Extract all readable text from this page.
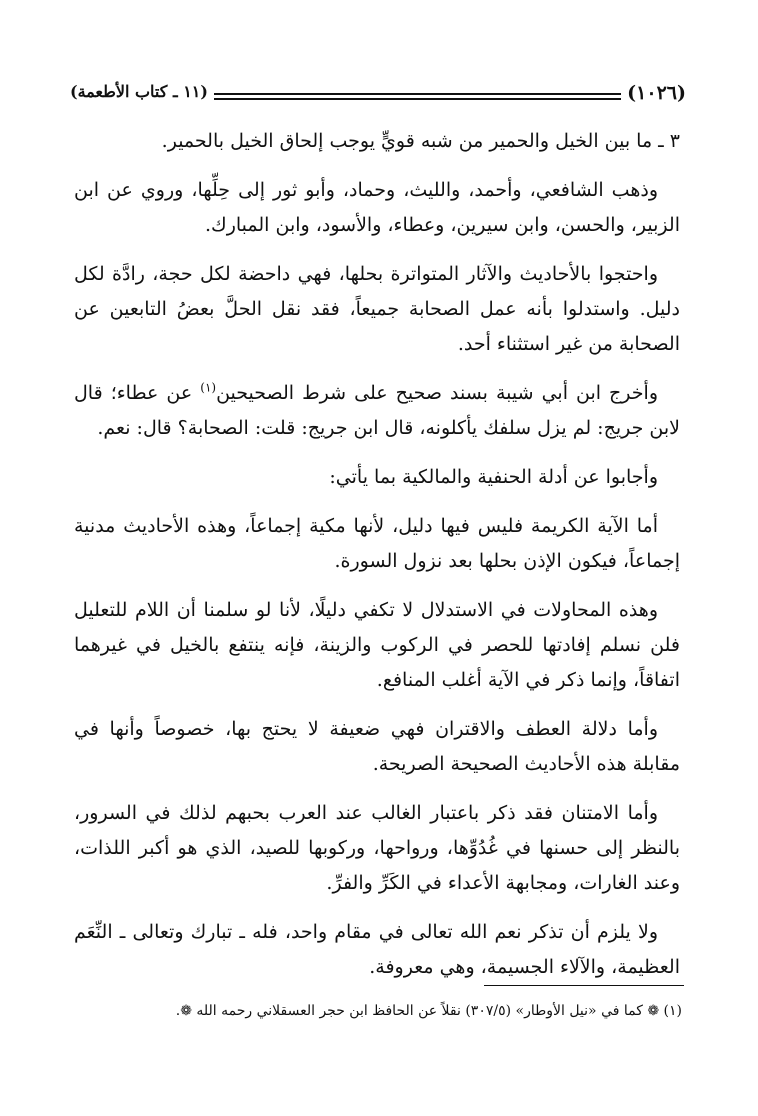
(١٠٢٦)
(١١ ـ كتاب الأطعمة)

٣ ـ ما بين الخيل والحمير من شبه قويٍّ يوجب إلحاق الخيل بالحمير.

وذهب الشافعي، وأحمد، والليث، وحماد، وأبو ثور إلى حِلِّها، وروي عن ابن الزبير، والحسن، وابن سيرين، وعطاء، والأسود، وابن المبارك.

واحتجوا بالأحاديث والآثار المتواترة بحلها، فهي داحضة لكل حجة، رادَّة لكل دليل. واستدلوا بأنه عمل الصحابة جميعاً، فقد نقل الحلَّ بعضُ التابعين عن الصحابة من غير استثناء أحد.

وأخرج ابن أبي شيبة بسند صحيح على شرط الصحيحين$^{(١)}$ عن عطاء؛ قال لابن جريج: لم يزل سلفك يأكلونه، قال ابن جريج: قلت: الصحابة؟ قال: نعم.

وأجابوا عن أدلة الحنفية والمالكية بما يأتي:

أما الآية الكريمة فليس فيها دليل، لأنها مكية إجماعاً، وهذه الأحاديث مدنية إجماعاً، فيكون الإذن بحلها بعد نزول السورة.

وهذه المحاولات في الاستدلال لا تكفي دليلًا، لأنا لو سلمنا أن اللام للتعليل فلن نسلم إفادتها للحصر في الركوب والزينة، فإنه ينتفع بالخيل في غيرهما اتفاقاً، وإنما ذكر في الآية أغلب المنافع.

وأما دلالة العطف والاقتران فهي ضعيفة لا يحتج بها، خصوصاً وأنها في مقابلة هذه الأحاديث الصحيحة الصريحة.

وأما الامتنان فقد ذكر باعتبار الغالب عند العرب بحبهم لذلك في السرور، بالنظر إلى حسنها في غُدُوِّها، ورواحها، وركوبها للصيد، الذي هو أكبر اللذات، وعند الغارات، ومجابهة الأعداء في الكَرِّ والفرِّ.

ولا يلزم أن تذكر نعم الله تعالى في مقام واحد، فله ـ تبارك وتعالى ـ النِّعَم العظيمة، والآلاء الجسيمة، وهي معروفة.

(١) ❁ كما في «نيل الأوطار» (٣٠٧/٥) نقلاً عن الحافظ ابن حجر العسقلاني رحمه الله ❁.
